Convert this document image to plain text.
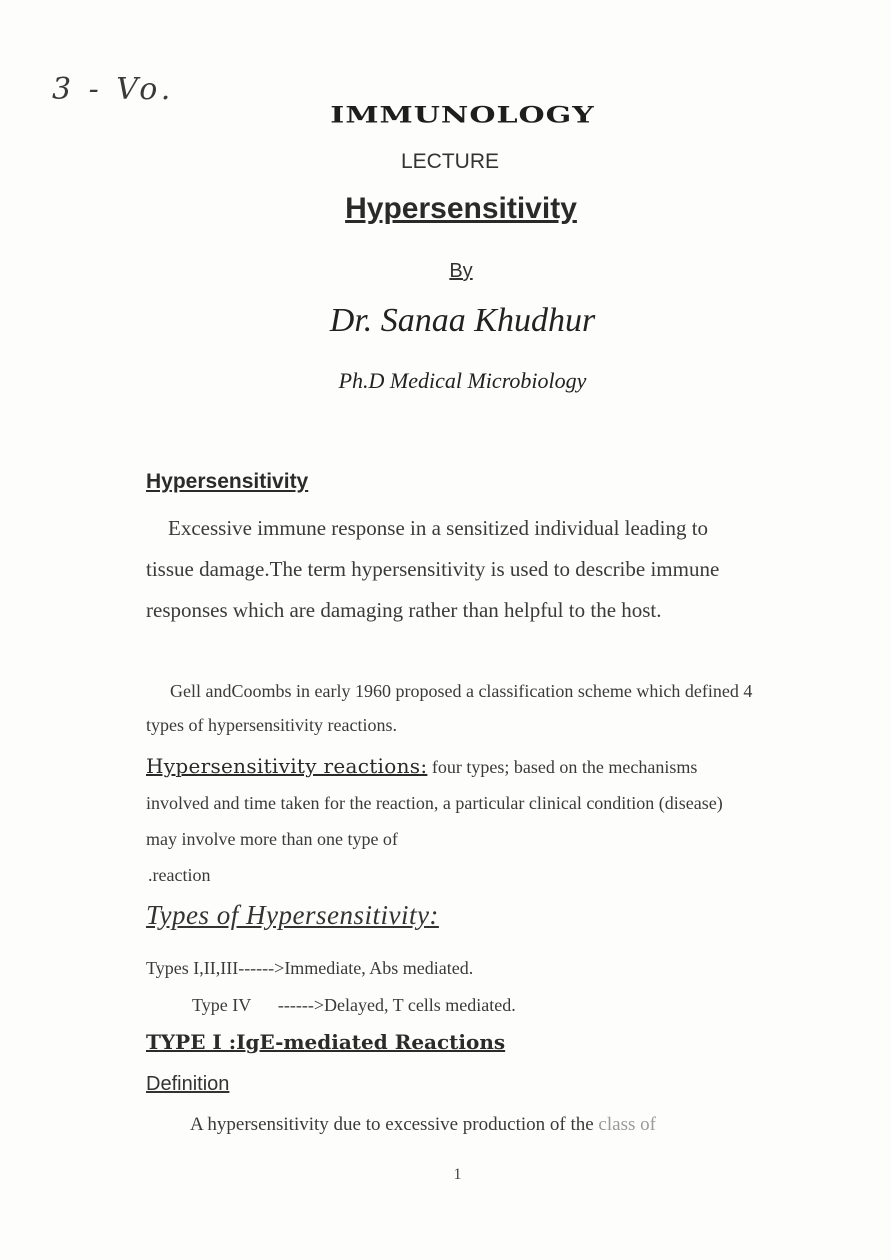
3 - Vo.
IMMUNOLOGY
LECTURE
Hypersensitivity
By
Dr. Sanaa Khudhur
Ph.D Medical Microbiology
Hypersensitivity
Excessive immune response in a sensitized individual leading to tissue damage.The term hypersensitivity is used to describe immune responses which are damaging rather than helpful to the host.
Gell andCoombs in early 1960 proposed a classification scheme which defined 4 types of hypersensitivity reactions.
Hypersensitivity reactions: four types; based on the mechanisms involved and time taken for the reaction, a particular clinical condition (disease) may involve more than one type of
.reaction
Types of Hypersensitivity:
Types I,II,III------>Immediate, Abs mediated.
Type IV      ------>Delayed, T cells mediated.
TYPE I :IgE-mediated Reactions
Definition
A hypersensitivity due to excessive production of the class of
1
